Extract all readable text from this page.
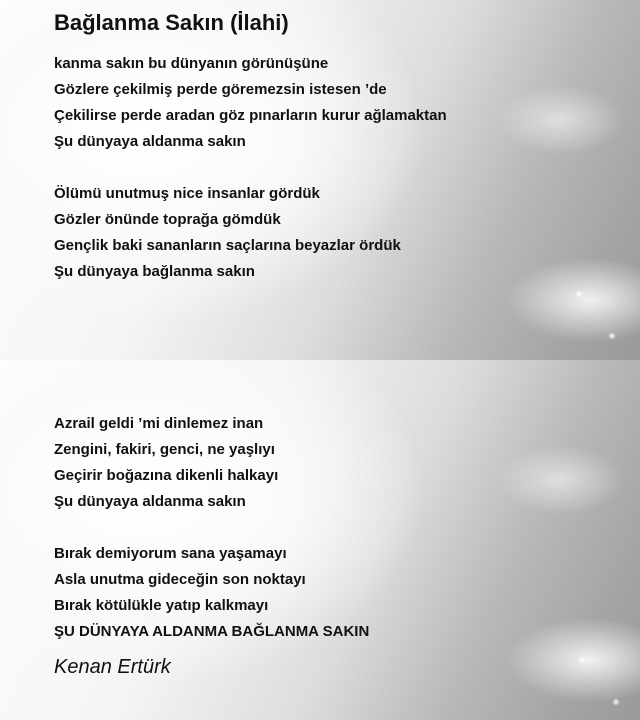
Bağlanma Sakın (İlahi)
kanma sakın bu dünyanın görünüşüne
Gözlere çekilmiş perde göremezsin istesen ’de
Çekilirse perde aradan göz pınarların kurur ağlamaktan
Şu dünyaya aldanma sakın
Ölümü unutmuş nice insanlar gördük
Gözler önünde toprağa gömdük
Gençlik baki sananların saçlarına beyazlar ördük
Şu dünyaya bağlanma sakın
Azrail geldi ’mi dinlemez inan
Zengini, fakiri, genci, ne yaşlıyı
Geçirir boğazına dikenli halkayı
Şu dünyaya aldanma sakın
Bırak demiyorum sana yaşamayı
Asla unutma gideceğin son noktayı
Bırak kötülükle yatıp kalkmayı
ŞU DÜNYAYA ALDANMA BAĞLANMA SAKIN
Kenan Ertürk
